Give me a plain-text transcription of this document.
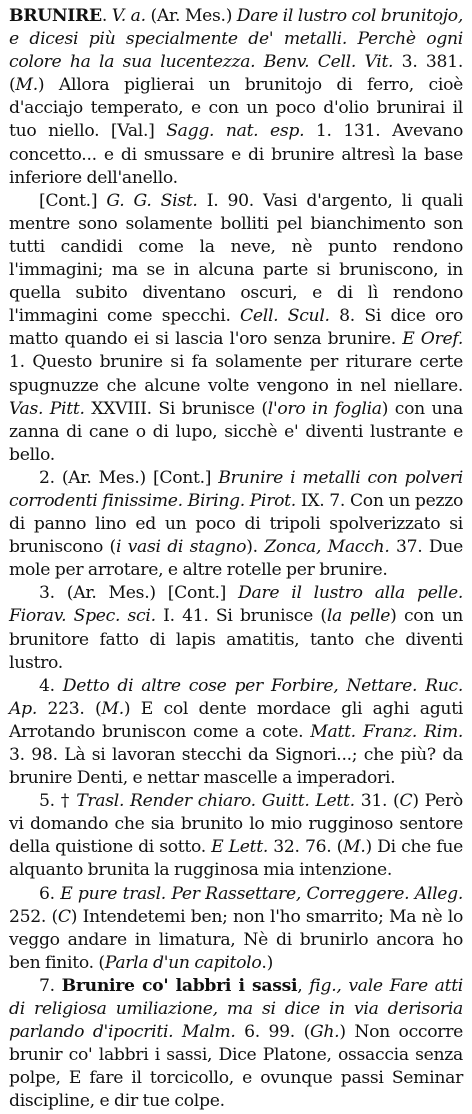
BRUNIRE. V. a. (Ar. Mes.) Dare il lustro col brunitojo, e dicesi più specialmente de' metalli. Perchè ogni colore ha la sua lucentezza. Benv. Cell. Vit. 3. 381. (M.) Allora piglierai un brunitojo di ferro, cioè d'acciajo temperato, e con un poco d'olio brunirai il tuo niello. [Val.] Sagg. nat. esp. 1. 131. Avevano concetto... e di smussare e di brunire altresì la base inferiore dell'anello.

[Cont.] G. G. Sist. I. 90. Vasi d'argento, li quali mentre sono solamente bolliti pel bianchimento son tutti candidi come la neve, nè punto rendono l'immagini; ma se in alcuna parte si bruniscono, in quella subito diventano oscuri, e di lì rendono l'immagini come specchi. Cell. Scul. 8. Si dice oro matto quando ei si lascia l'oro senza brunire. E Oref. 1. Questo brunire si fa solamente per riturare certe spugnuzze che alcune volte vengono in nel niellare. Vas. Pitt. XXVIII. Si brunisce (l'oro in foglia) con una zanna di cane o di lupo, sicchè e' diventi lustrante e bello.

2. (Ar. Mes.) [Cont.] Brunire i metalli con polveri corrodenti finissime. Biring. Pirot. IX. 7. Con un pezzo di panno lino ed un poco di tripoli spolverizzato si bruniscono (i vasi di stagno). Zonca, Macch. 37. Due mole per arrotare, e altre rotelle per brunire.

3. (Ar. Mes.) [Cont.] Dare il lustro alla pelle. Fiorav. Spec. sci. I. 41. Si brunisce (la pelle) con un brunitore fatto di lapis amatitis, tanto che diventi lustro.

4. Detto di altre cose per Forbire, Nettare. Ruc. Ap. 223. (M.) E col dente mordace gli aghi aguti Arrotando bruniscon come a cote. Matt. Franz. Rim. 3. 98. Là si lavoran stecchi da Signori...; che più? da brunire Denti, e nettar mascelle a imperadori.

5. † Trasl. Render chiaro. Guitt. Lett. 31. (C) Però vi domando che sia brunito lo mio rugginoso sentore della quistione di sotto. E Lett. 32. 76. (M.) Di che fue alquanto brunita la rugginosa mia intenzione.

6. E pure trasl. Per Rassettare, Correggere. Alleg. 252. (C) Intendetemi ben; non l'ho smarrito; Ma nè lo veggo andare in limatura, Nè di brunirlo ancora ho ben finito. (Parla d'un capitolo.)

7. Brunire co' labbri i sassi, fig., vale Fare atti di religiosa umiliazione, ma si dice in via derisoria parlando d'ipocriti. Malm. 6. 99. (Gh.) Non occorre brunir co' labbri i sassi, Dice Platone, ossaccia senza polpe, E fare il torcicollo, e ovunque passi Seminar discipline, e dir tue colpe.
